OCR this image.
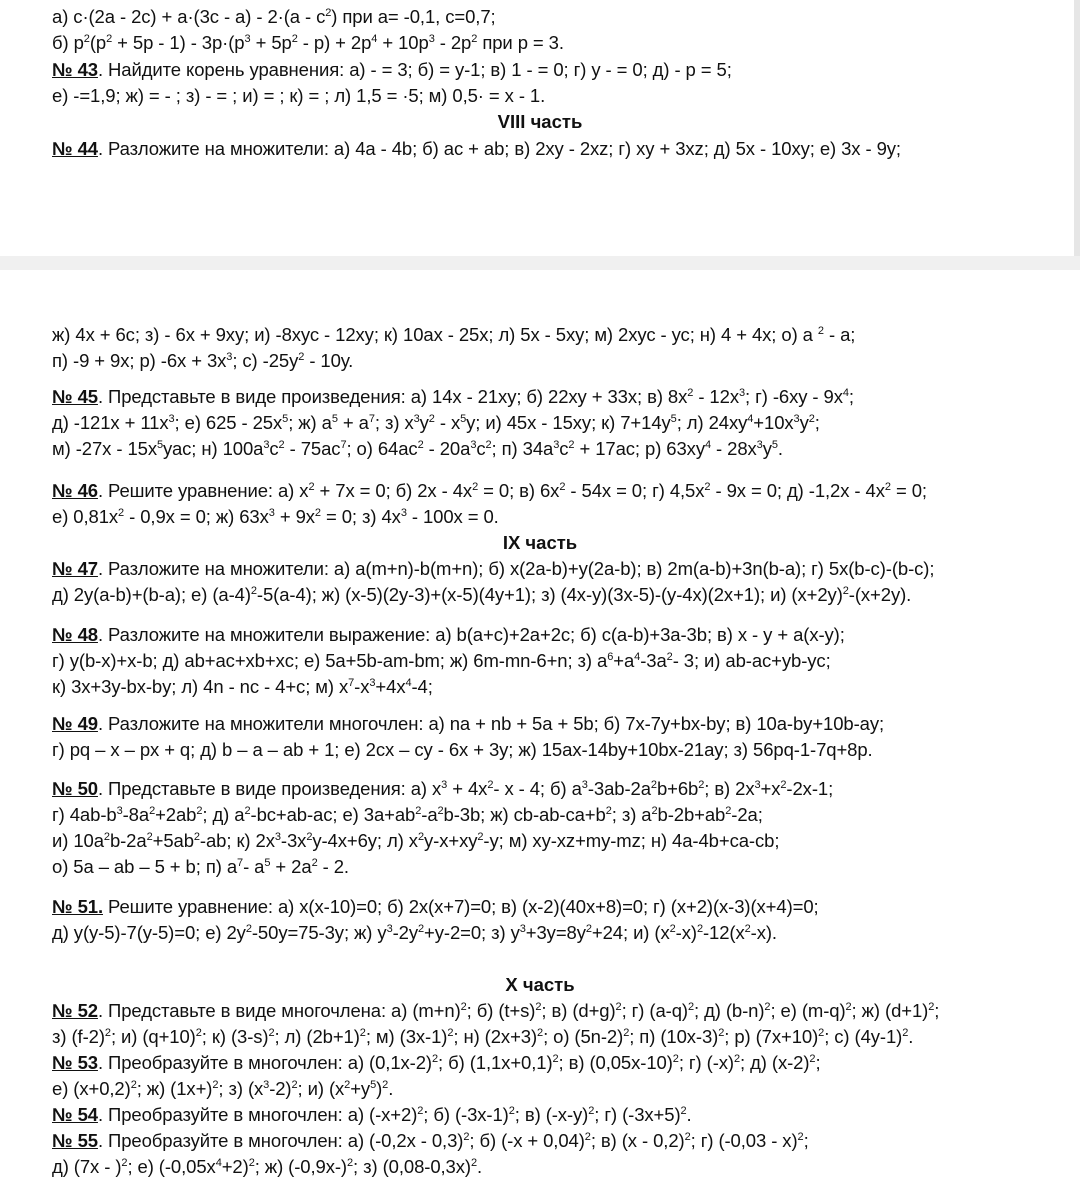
а) $с\cdot(2а - 2с) + а\cdot(3с - а) - 2\cdot(а - с^2)$ при а= -0,1, с=0,7;
б) $р^2(р^2 + 5р - 1) - 3р\cdot(р^3 + 5р^2 - р) + 2р^4 + 10р^3 - 2р^2$ при р = 3.
№ 43. Найдите корень уравнения: а) - = 3; б) = у-1; в) 1 - = 0; г) у - = 0; д) - р = 5;
е) -=1,9; ж) = - ; з) - = ; и) = ; к) = ; л) 1,5 = ·5; м) 0,5· = х - 1.
VIII часть
№ 44. Разложите на множители: а) 4а - 4b; б) ас + аb; в) 2ху - 2хz; г) ху + 3хz; д) 5х - 10ху; е) 3х - 9у;
ж) 4х + 6с; з) - 6х + 9ху; и) -8хус - 12ху; к) 10ах - 25х; л) 5х - 5ху; м) 2хус - ус; н) 4 + 4х; о) а $^2$ - а;
п) -9 + 9х; р) $-6х + 3х^3$; с) $-25у^2 - 10у$.
№ 45. Представьте в виде произведения: а) 14х - 21ху; б) 22ху + 33х; в) $8х^2 - 12х^3$; г) $-6ху - 9х^4$;
д) $-121х + 11х^3$; е) $625 - 25х^5$; ж) $а^5 + а^7$; з) $х^3у^2 - х^5у$; и) 45х - 15ху; к) $7+14у^5$; л) $24ху^4+10х^3у^2$;
м) $-27х - 15х^5уас$; н) $100а^3с^2 - 75ас^7$; о) $64ас^2 - 20а^3с^2$; п) $34а^3с^2 + 17ас$; р) $63ху^4 - 28х^3у^5$.
№ 46. Решите уравнение: а) $х^2 + 7х = 0$; б) $2х - 4х^2 = 0$; в) $6х^2 - 54х = 0$; г) $4,5х^2 - 9х = 0$; д) $-1,2х - 4х^2 = 0$;
е) $0,81х^2 - 0,9х = 0$; ж) $63х^3 + 9х^2 = 0$; з) $4х^3 - 100х = 0$.
IX часть
№ 47. Разложите на множители: а) а(m+n)-b(m+n); б) х(2a-b)+y(2a-b); в) 2m(a-b)+3n(b-a); г) 5x(b-c)-(b-c);
д) 2y(a-b)+(b-a); е) $(a-4)^2-5(a-4)$; ж) (x-5)(2y-3)+(x-5)(4y+1); з) (4x-y)(3x-5)-(y-4x)(2x+1); и) $(x+2y)^2-(x+2y)$.
№ 48. Разложите на множители выражение: а) b(a+c)+2a+2c; б) c(a-b)+3a-3b; в) x - y + a(x-y);
г) y(b-x)+x-b; д) ab+ac+xb+xc; е) 5a+5b-am-bm; ж) 6m-mn-6+n; з) $a^6+a^4-3a^2-$ 3; и) ab-ac+yb-yc;
к) 3x+3y-bx-by; л) 4n - nc - 4+c; м) $x^7-x^3+4x^4-4$;
№ 49. Разложите на множители многочлен: а) na + nb + 5a + 5b; б) 7x-7y+bx-by; в) 10a-by+10b-ay;
г) pq – x – px + q; д) b – a – ab + 1; е) 2cx – cy - 6x + 3y; ж) 15ax-14by+10bx-21ay; з) 56pq-1-7q+8p.
№ 50. Представьте в виде произведения: а) $x^3 + 4x^2-$ x - 4; б) $a^3-3ab-2a^2b+6b^2$; в) $2x^3+x^2-2x-1$;
г) $4ab-b^3-8a^2+2ab^2$; д) $a^2-bc+ab-ac$; е) $3a+ab^2-a^2b-3b$; ж) $cb-ab-ca+b^2$; з) $a^2b-2b+ab^2-2a$;
и) $10a^2b-2a^2+5ab^2-ab$; к) $2x^3-3x^2y-4x+6y$; л) $x^2y-x+xy^2-y$; м) xy-xz+my-mz; н) 4a-4b+ca-cb;
о) 5a – ab – 5 + b; п) $a^7-$ $a^5 + 2a^2 - 2$.
№ 51. Решите уравнение: а) x(x-10)=0; б) 2x(x+7)=0; в) (x-2)(40x+8)=0; г) (x+2)(x-3)(x+4)=0;
д) y(y-5)-7(y-5)=0; е) $2y^2-50y=75-3y$; ж) $y^3-2y^2+y-2=0$; з) $y^3+3y=8y^2+24$; и) $(x^2-x)^2-12(x^2-x)$.
X часть
№ 52. Представьте в виде многочлена: а) $(m+n)^2$; б) $(t+s)^2$; в) $(d+g)^2$; г) $(a-q)^2$; д) $(b-n)^2$; е) $(m-q)^2$; ж) $(d+1)^2$;
з) $(f-2)^2$; и) $(q+10)^2$; к) $(3-s)^2$; л) $(2b+1)^2$; м) $(3x-1)^2$; н) $(2x+3)^2$; о) $(5n-2)^2$; п) $(10x-3)^2$; р) $(7x+10)^2$; с) $(4y-1)^2$.
№ 53. Преобразуйте в многочлен: а) $(0,1x-2)^2$; б) $(1,1x+0,1)^2$; в) $(0,05x-10)^2$; г) $(-x)^2$; д) $(x-2)^2$;
е) $(x+0,2)^2$; ж) $(1x+)^2$; з) $(x^3-2)^2$; и) $(x^2+y^5)^2$.
№ 54. Преобразуйте в многочлен: а) $(-x+2)^2$; б) $(-3x-1)^2$; в) $(-x-y)^2$; г) $(-3x+5)^2$.
№ 55. Преобразуйте в многочлен: а) (-0,2x - 0,3)$^2$; б) $(-x + 0,04)^2$; в) (x - 0,2)$^2$; г) (-0,03 - x)$^2$;
д) (7x - )$^2$; е) $(-0,05x^4+2)^2$; ж) $(-0,9x-)^2$; з) $(0,08-0,3x)^2$.
